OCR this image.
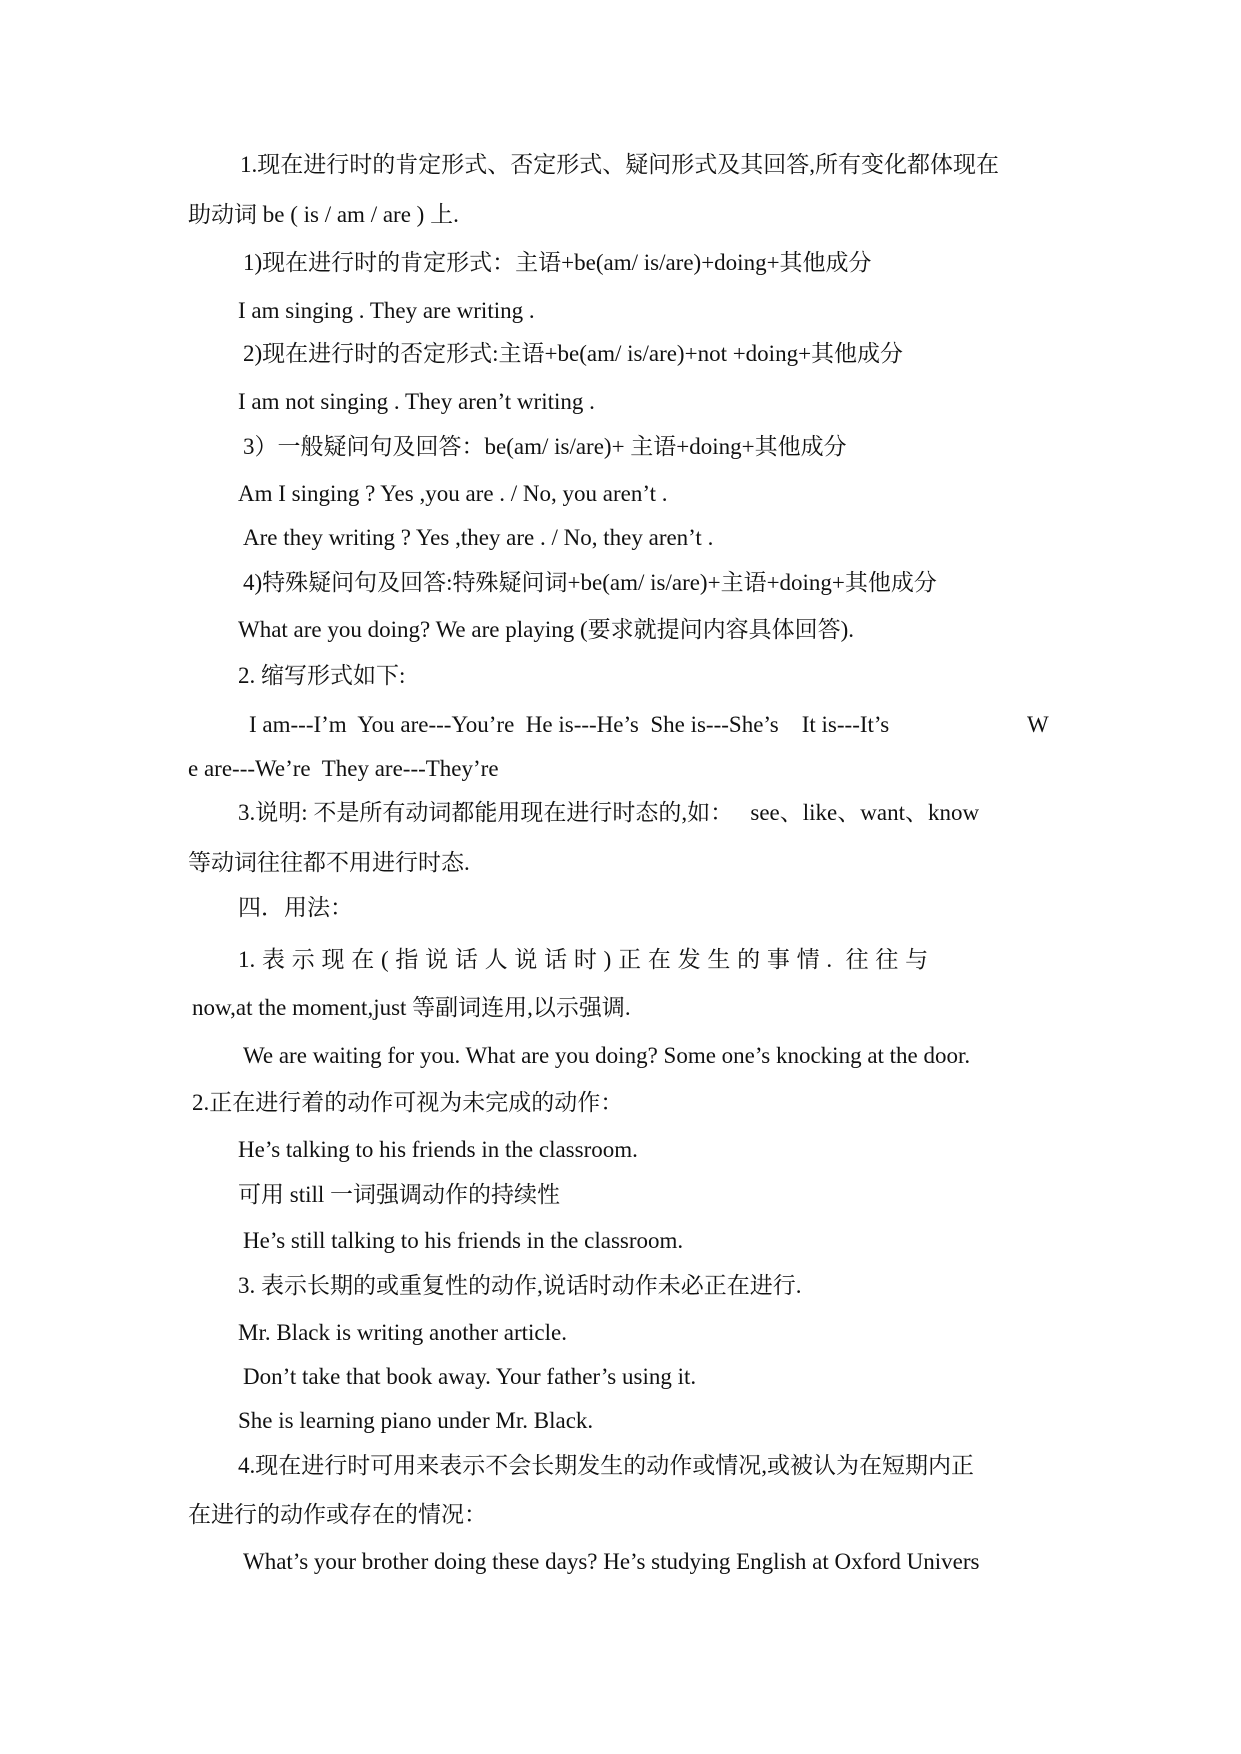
1.现在进行时的肯定形式、否定形式、疑问形式及其回答,所有变化都体现在

助动词 be ( is / am / are ) 上.

1)现在进行时的肯定形式：主语+be(am/ is/are)+doing+其他成分

I am singing . They are writing .

2)现在进行时的否定形式:主语+be(am/ is/are)+not +doing+其他成分

I am not singing . They aren’t writing .

3）一般疑问句及回答：be(am/ is/are)+ 主语+doing+其他成分

Am I singing ? Yes ,you are . / No, you aren’t .

Are they writing ? Yes ,they are . / No, they aren’t .

4)特殊疑问句及回答:特殊疑问词+be(am/ is/are)+主语+doing+其他成分

What are you doing? We are playing (要求就提问内容具体回答).

2. 缩写形式如下:

I am---I’m  You are---You’re  He is---He’s  She is---She’s    It is---It’s	W

e are---We’re  They are---They’re

3.说明: 不是所有动词都能用现在进行时态的,如：   see、like、want、know

等动词往往都不用进行时态.

四．用法：

1. 表 示 现 在 ( 指 说 话 人 说 话 时 ) 正 在 发 生 的 事 情 .  往 往 与

now,at the moment,just 等副词连用,以示强调.

We are waiting for you. What are you doing? Some one’s knocking at the door.

2.正在进行着的动作可视为未完成的动作：

He’s talking to his friends in the classroom.

可用 still 一词强调动作的持续性

He’s still talking to his friends in the classroom.

3. 表示长期的或重复性的动作,说话时动作未必正在进行.

Mr. Black is writing another article.

Don’t take that book away. Your father’s using it.

She is learning piano under Mr. Black.

4.现在进行时可用来表示不会长期发生的动作或情况,或被认为在短期内正

在进行的动作或存在的情况：

What’s your brother doing these days? He’s studying English at Oxford Univers
